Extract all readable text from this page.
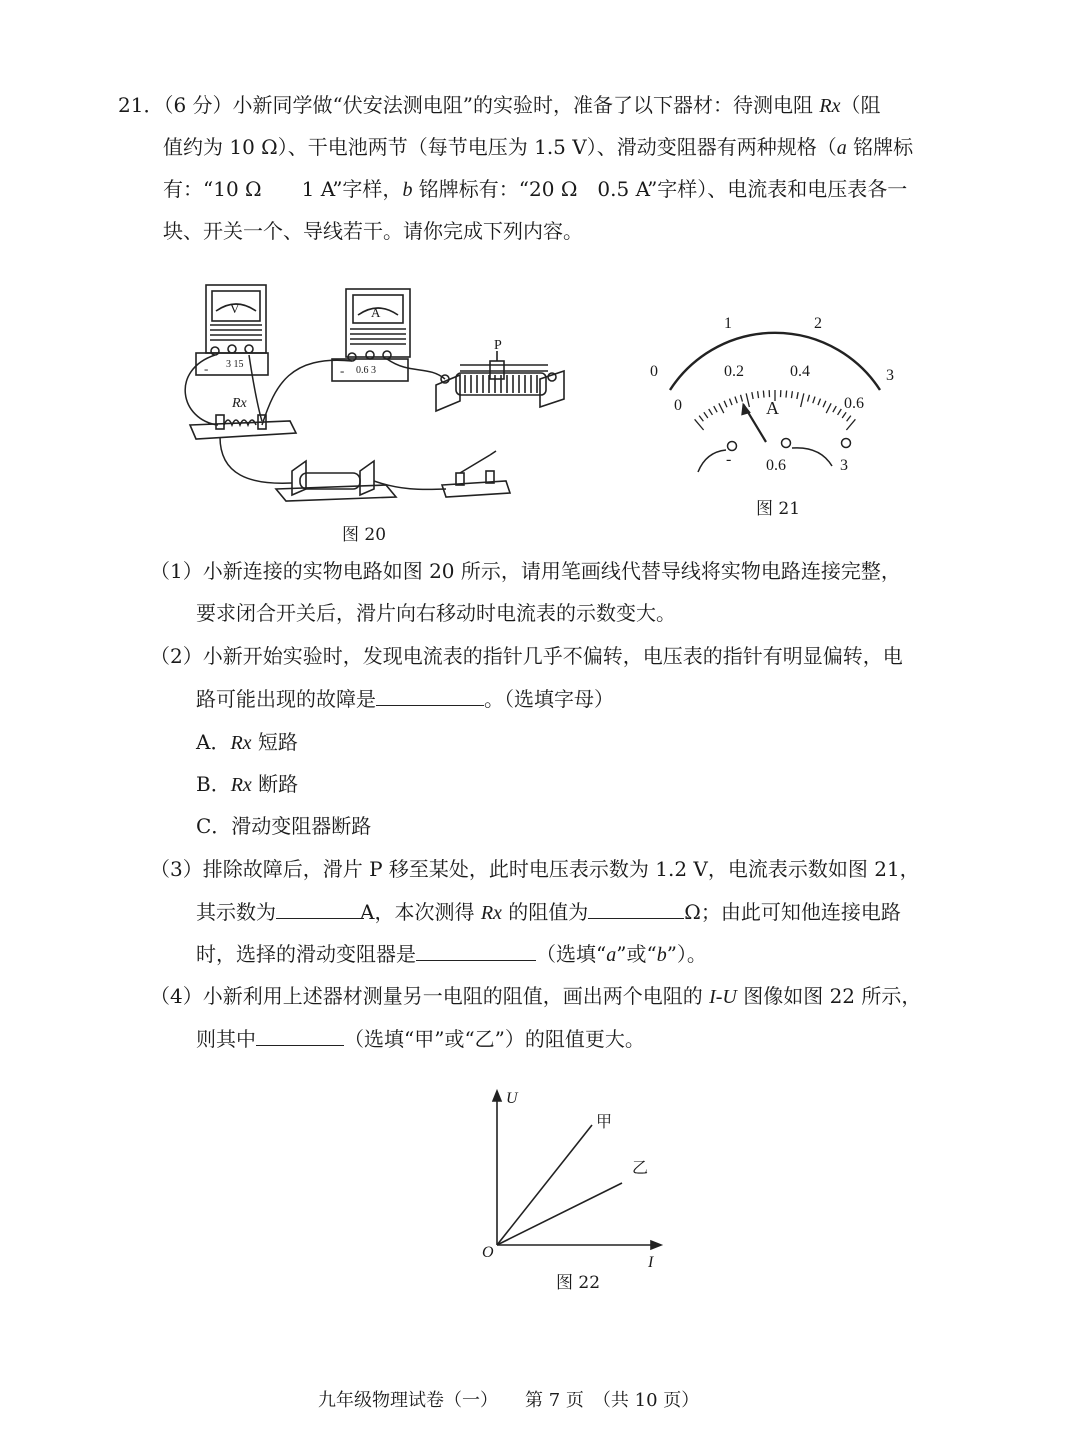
21．（6 分）小新同学做“伏安法测电阻”的实验时，准备了以下器材：待测电阻 Rx（阻
值约为 10 Ω）、干电池两节（每节电压为 1.5 V）、滑动变阻器有两种规格（a 铭牌标
有：“10 Ω　　1 A”字样，b 铭牌标有：“20 Ω　0.5 A”字样）、电流表和电压表各一
块、开关一个、导线若干。请你完成下列内容。
V
- 3 15
A
- 0.6 3
P
Rx
图 20
0
1	2
3
0
0.2	0.4
0.6
A
0.6	3
-
图 21
（1）小新连接的实物电路如图 20 所示，请用笔画线代替导线将实物电路连接完整，
要求闭合开关后，滑片向右移动时电流表的示数变大。
（2）小新开始实验时，发现电流表的指针几乎不偏转，电压表的指针有明显偏转，电
路可能出现的故障是	。（选填字母）
A．Rx 短路
B．Rx 断路
C．滑动变阻器断路
（3）排除故障后，滑片 P 移至某处，此时电压表示数为 1.2 V，电流表示数如图 21，
其示数为	A，本次测得 Rx 的阻值为	Ω；由此可知他连接电路
时，选择的滑动变阻器是	（选填“a”或“b”）。
（4）小新利用上述器材测量另一电阻的阻值，画出两个电阻的 I-U 图像如图 22 所示，
则其中	（选填“甲”或“乙”）的阻值更大。
U
I
O
甲
乙
图 22
九年级物理试卷（一）　　 第 7 页　（共 10 页）
